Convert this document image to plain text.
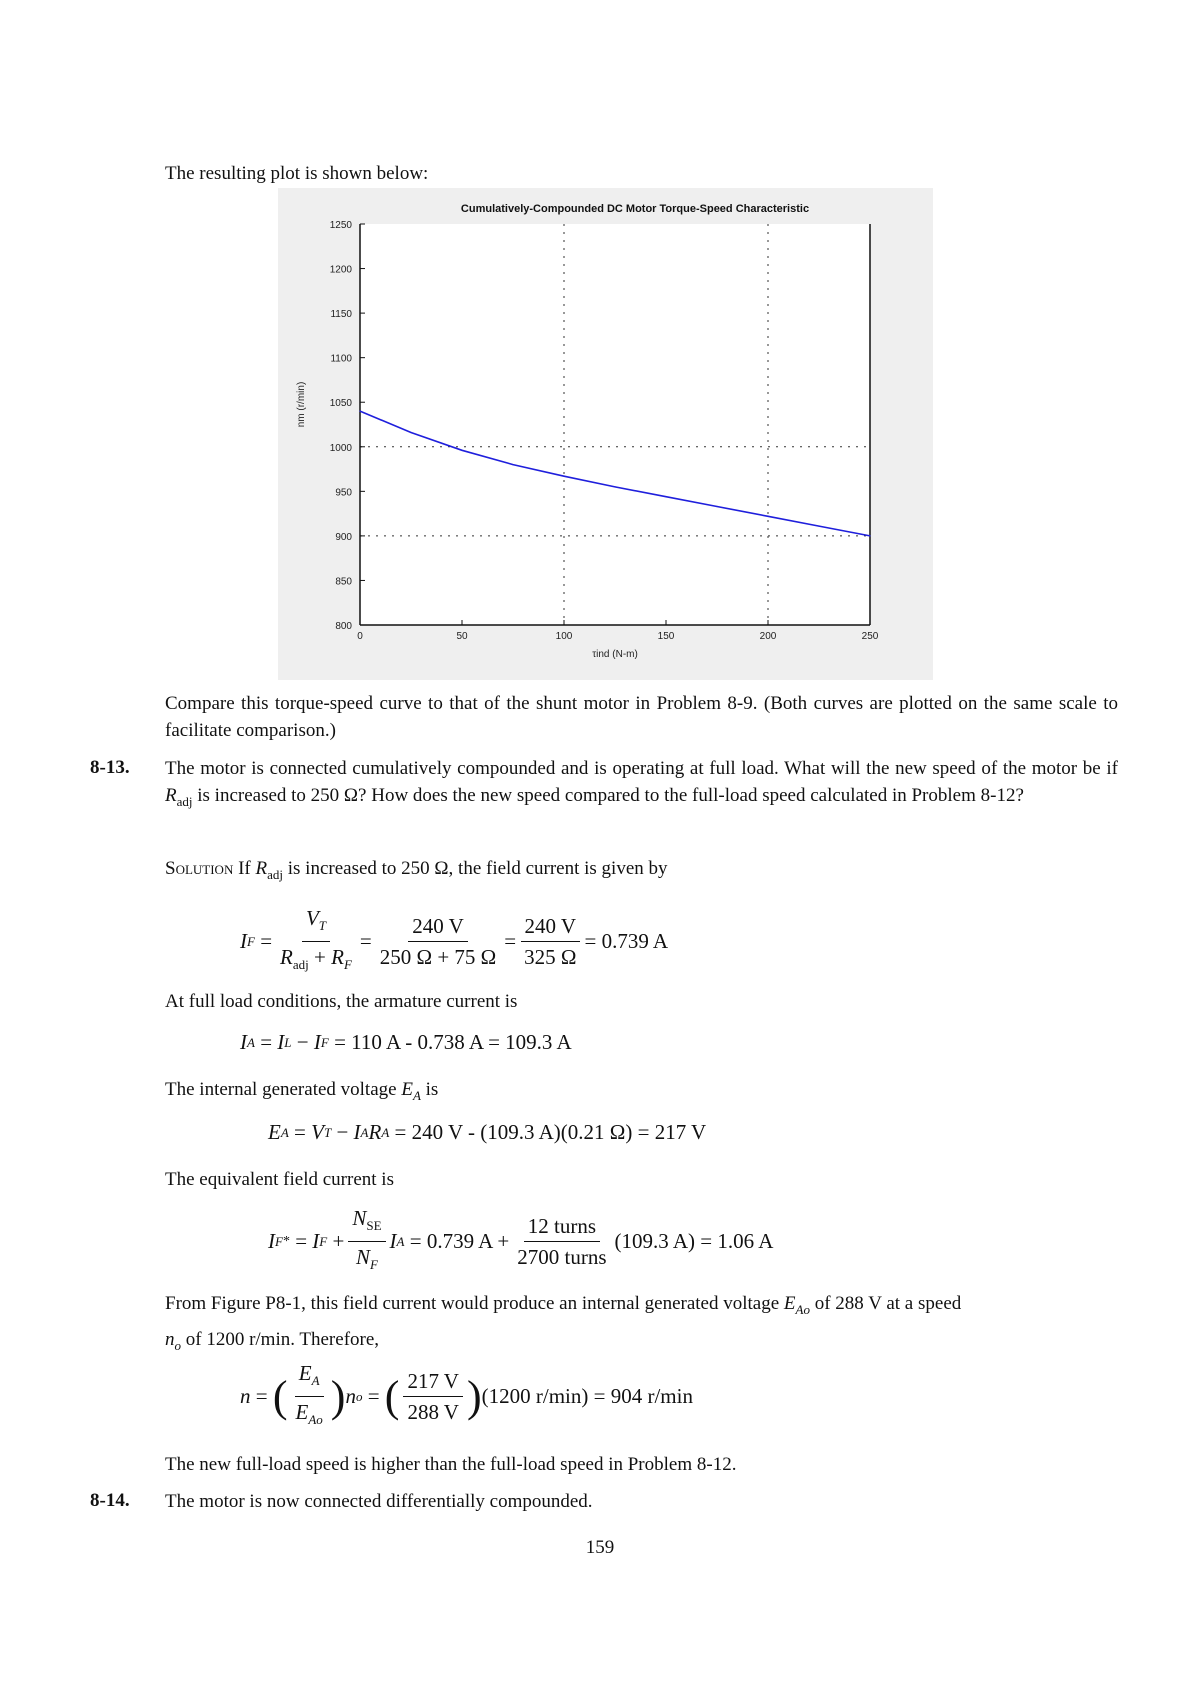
The resulting plot is shown below:
0	50	100	150	200	250
800
850
900
950
1000
1050
1100
1150
1200
1250
Cumulatively-Compounded DC Motor Torque-Speed Characteristic
τind (N-m)
nm (r/min)
Compare this torque-speed curve to that of the shunt motor in Problem 8-9. (Both curves are plotted on the same scale to facilitate comparison.)
8-13. The motor is connected cumulatively compounded and is operating at full load. What will the new speed of the motor be if $R_{adj}$ is increased to 250 Ω? How does the new speed compared to the full-load speed calculated in Problem 8-12?
Solution If $R_{adj}$ is increased to 250 Ω, the field current is given by
I $F = \frac{V_T}{R_{adj} + R_F} = \frac{240 V}{250 \Omega + 75 \Omega} = \frac{240 V}{325 \Omega} = 0.739$ A
At full load conditions, the armature current is
I A = I L − I F
= 110 A - 0.738 A = 109.3 A
The internal generated voltage $E_A$ is
E A = V T − I A R A
= 240 V - (109.3 A)(0.21 Ω) = 217 V
The equivalent field current is
I F * = I $F + \frac{N_{SE}}{N_F}$ I A
= 0.739 $A + \frac{\text{12 turns}}{\text{2700 turns}} (109.3$ A) = 1.06 A
From Figure P8-1, this field current would produce an internal generated voltage $E_{Ao}$ of 288 V at a speed
$n_o$ of 1200 r/min. Therefore,
n = ( $\frac{E_A}{E_{Ao}}$ ) n o = ( $\frac{217 V}{288 V}$ ) (1200 r/min) = 904 r/min
The new full-load speed is higher than the full-load speed in Problem 8-12.
8-14. The motor is now connected differentially compounded.
159
